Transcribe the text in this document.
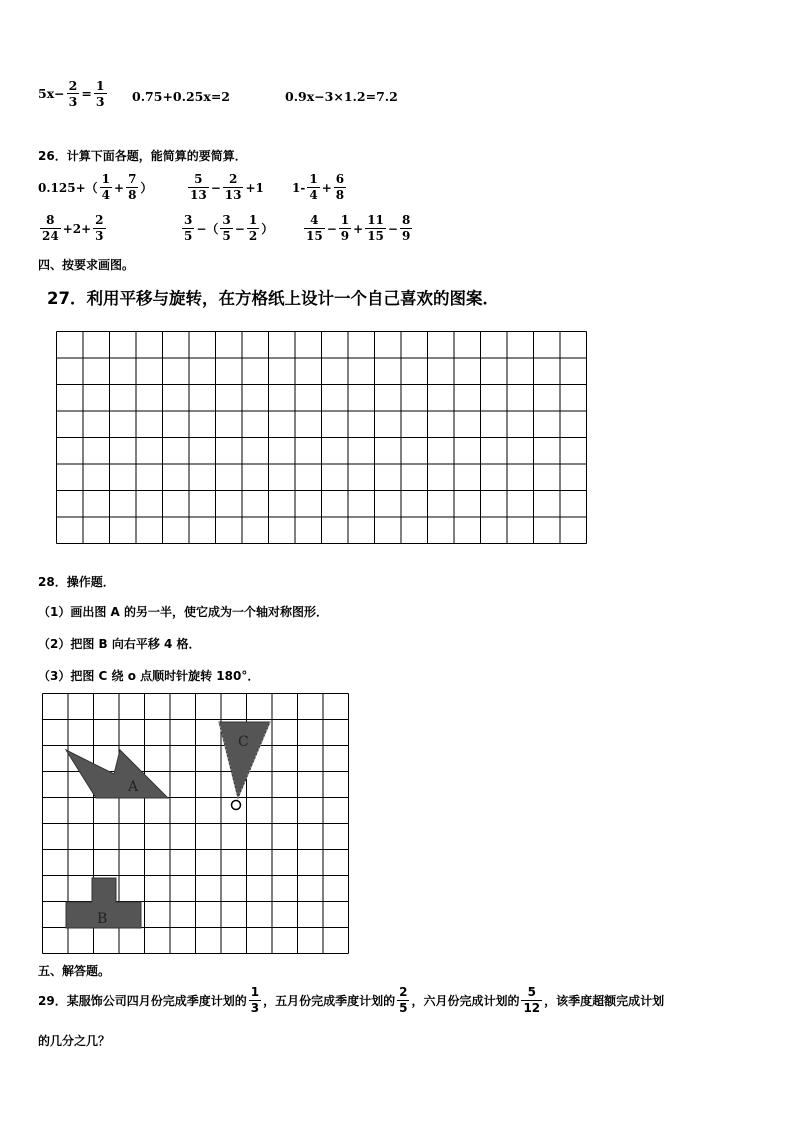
$5x- \frac{2}{3} = \frac{1}{3} 0.75+0.25x=2$	0.9x−3×1.2=7.2
26．计算下面各题，能简算的要简算．
$0.125+( \frac{1}{4} + \frac{7}{8}$ ）	$\frac{5}{13} - \frac{2}{13} +1$ $1- \frac{1}{4} + \frac{6}{8}$
$\frac{8}{24} +2+ \frac{2}{3}$	$\frac{3}{5}$ −（ $\frac{3}{5} - \frac{1}{2}$ ）	$\frac{4}{15} - \frac{1}{9} + \frac{11}{15} - \frac{8}{9}$
四、按要求画图。
27．利用平移与旋转，在方格纸上设计一个自己喜欢的图案．
28．操作题．
（1）画出图 A 的另一半，使它成为一个轴对称图形．
（2）把图 B 向右平移 4 格．
（3）把图 C 绕 o 点顺时针旋转 180°．
A
C
B
五、解答题。
29．某服饰公司四月份完成季度计划的 $\frac{1}{3}$ ，五月份完成季度计划的 $\frac{2}{5}$ ，六月份完成计划的 $\frac{5}{12}$ ，该季度超额完成计划
的几分之几？
